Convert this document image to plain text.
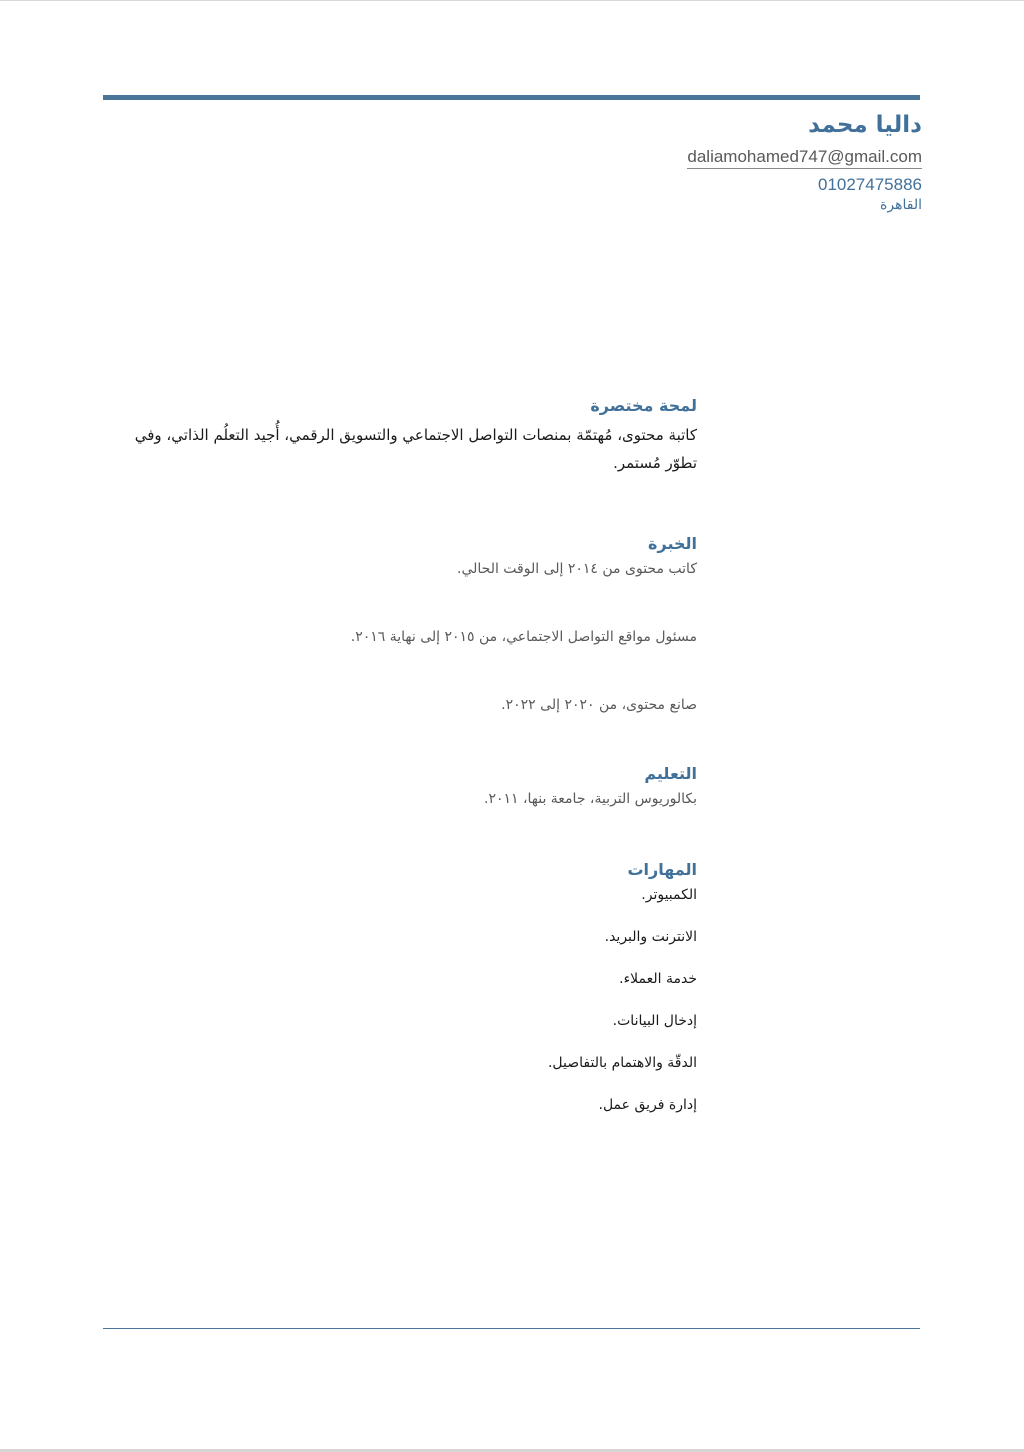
داليا محمد
daliamohamed747@gmail.com
01027475886
القاهرة
لمحة مختصرة

كاتبة محتوى، مُهتمّة بمنصات التواصل الاجتماعي والتسويق الرقمي، أُجيد التعلُم الذاتي، وفي تطوّر مُستمر.

الخبرة

كاتب محتوى من ٢٠١٤ إلى الوقت الحالي.

مسئول مواقع التواصل الاجتماعي، من ٢٠١٥ إلى نهاية ٢٠١٦.

صانع محتوى، من ٢٠٢٠ إلى ٢٠٢٢.

التعليم

بكالوريوس التربية، جامعة بنها، ٢٠١١.

المهارات

الكمبيوتر.

الانترنت والبريد.

خدمة العملاء.

إدخال البيانات.

الدقّة والاهتمام بالتفاصيل.

إدارة فريق عمل.
